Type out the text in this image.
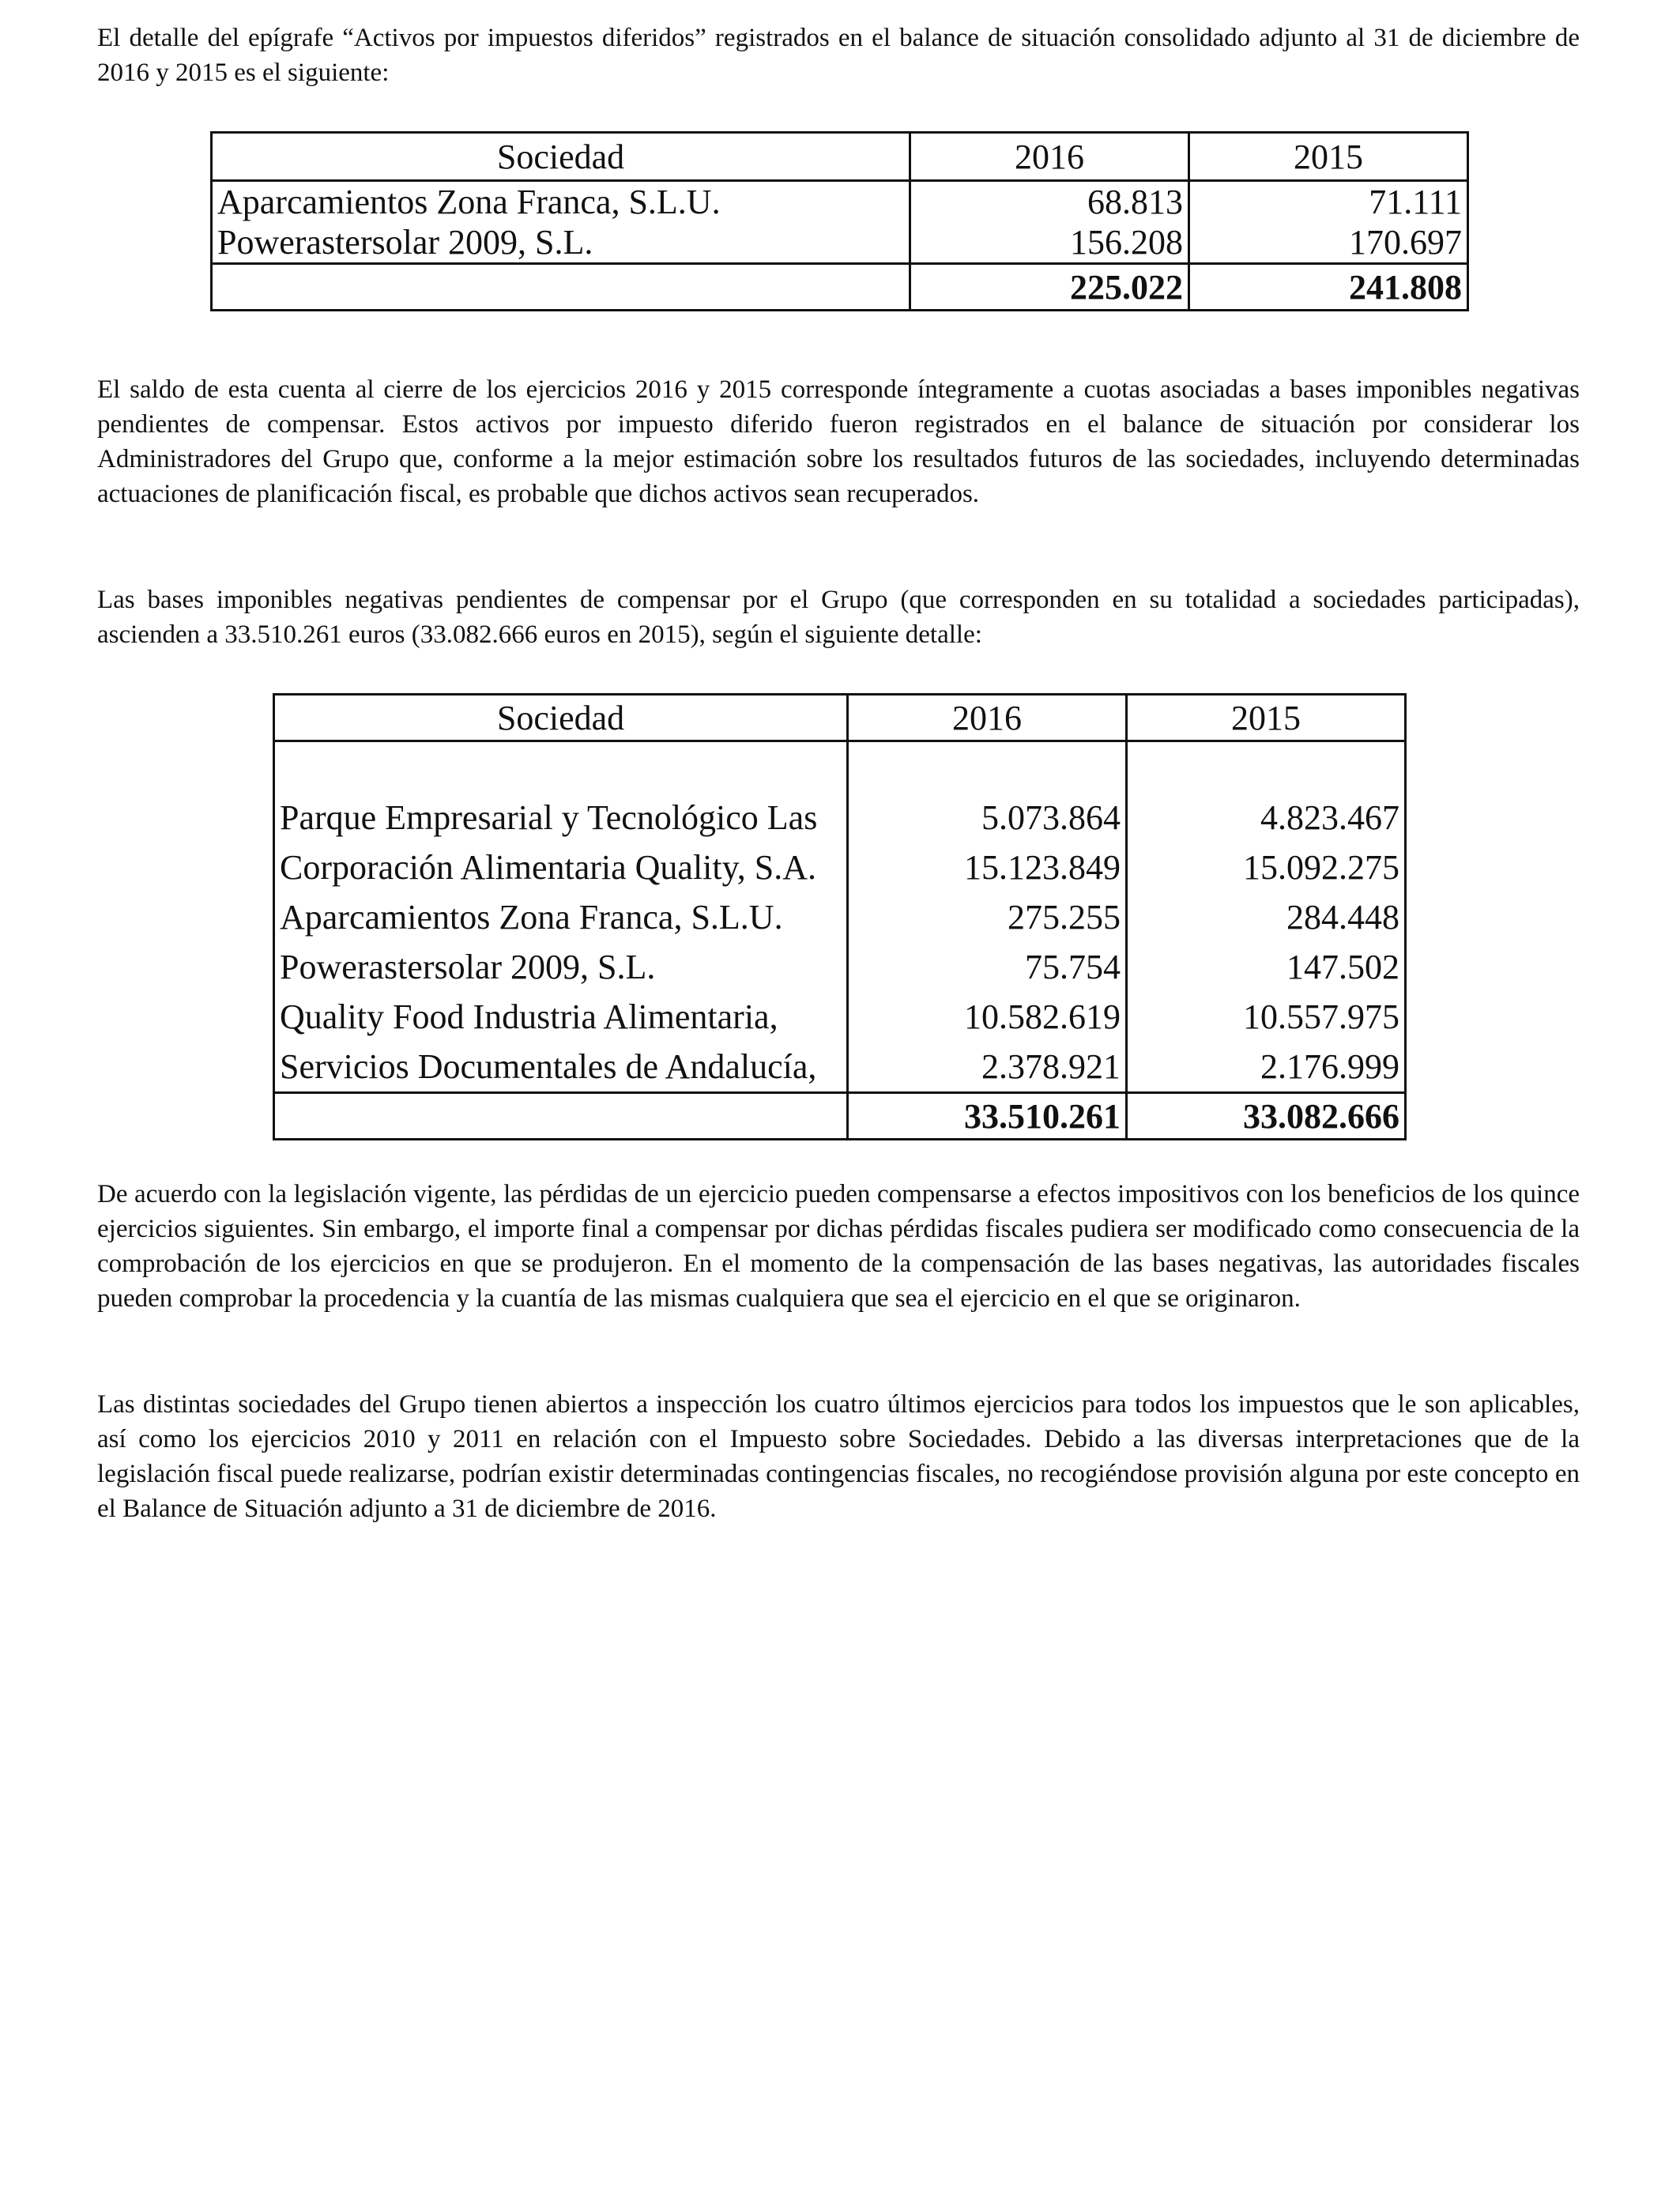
El detalle del epígrafe “Activos por impuestos diferidos” registrados en el balance de situación consolidado adjunto al 31 de diciembre de 2016 y 2015 es el siguiente:

Sociedad	2016	2015
Aparcamientos Zona Franca, S.L.U.	68.813	71.111
Powerastersolar 2009, S.L.	156.208	170.697
	225.022	241.808

El saldo de esta cuenta al cierre de los ejercicios 2016 y 2015 corresponde íntegramente a cuotas asociadas a bases imponibles negativas pendientes de compensar. Estos activos por impuesto diferido fueron registrados en el balance de situación por considerar los Administradores del Grupo que, conforme a la mejor estimación sobre los resultados futuros de las sociedades, incluyendo determinadas actuaciones de planificación fiscal, es probable que dichos activos sean recuperados.

Las bases imponibles negativas pendientes de compensar por el Grupo (que corresponden en su totalidad a sociedades participadas), ascienden a 33.510.261 euros (33.082.666 euros en 2015), según el siguiente detalle:

Sociedad	2016	2015

Parque Empresarial y Tecnológico Las	5.073.864	4.823.467
Corporación Alimentaria Quality, S.A.	15.123.849	15.092.275
Aparcamientos Zona Franca, S.L.U.	275.255	284.448
Powerastersolar 2009, S.L.	75.754	147.502
Quality Food Industria Alimentaria,	10.582.619	10.557.975
Servicios Documentales de Andalucía,	2.378.921	2.176.999
	33.510.261	33.082.666

De acuerdo con la legislación vigente, las pérdidas de un ejercicio pueden compensarse a efectos impositivos con los beneficios de los quince ejercicios siguientes. Sin embargo, el importe final a compensar por dichas pérdidas fiscales pudiera ser modificado como consecuencia de la comprobación de los ejercicios en que se produjeron. En el momento de la compensación de las bases negativas, las autoridades fiscales pueden comprobar la procedencia y la cuantía de las mismas cualquiera que sea el ejercicio en el que se originaron.

Las distintas sociedades del Grupo tienen abiertos a inspección los cuatro últimos ejercicios para todos los impuestos que le son aplicables, así como los ejercicios 2010 y 2011 en relación con el Impuesto sobre Sociedades. Debido a las diversas interpretaciones que de la legislación fiscal puede realizarse, podrían existir determinadas contingencias fiscales, no recogiéndose provisión alguna por este concepto en el Balance de Situación adjunto a 31 de diciembre de 2016.
